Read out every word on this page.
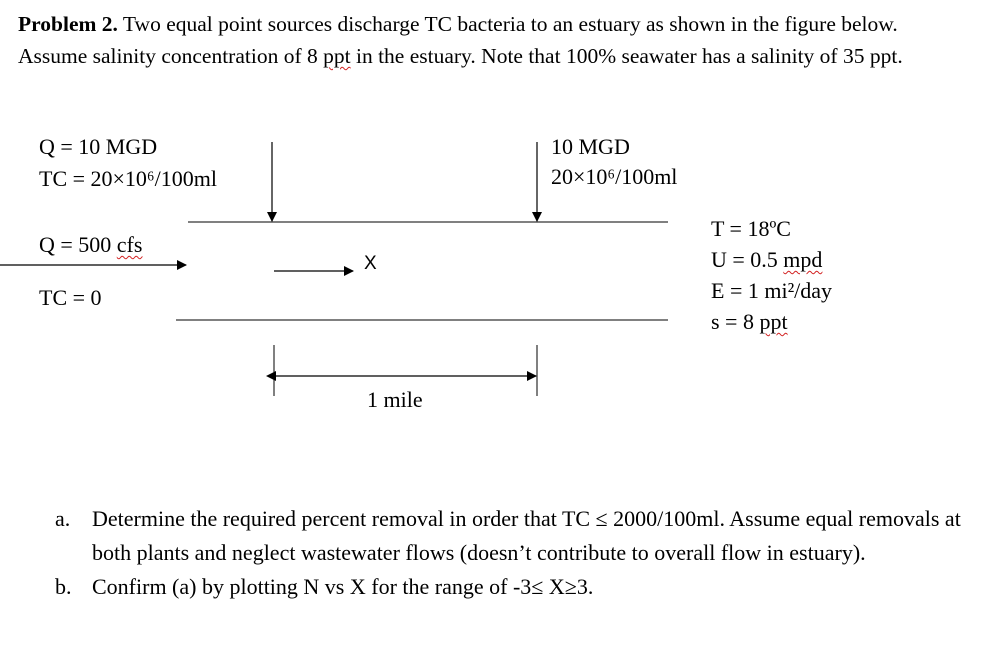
Problem 2. Two equal point sources discharge TC bacteria to an estuary as shown in the figure below. Assume salinity concentration of 8 ppt in the estuary. Note that 100% seawater has a salinity of 35 ppt.
Q = 10 MGD
TC = 20×10⁶/100ml
10 MGD
20×10⁶/100ml
Q = 500 cfs
TC = 0
X
1 mile
T = 18ºC
U = 0.5 mpd
E = 1 mi²/day
s = 8 ppt
a. Determine the required percent removal in order that TC ≤ 2000/100ml. Assume equal removals at both plants and neglect wastewater flows (doesn’t contribute to overall flow in estuary).
b. Confirm (a) by plotting N vs X for the range of -3≤ X≥3.
